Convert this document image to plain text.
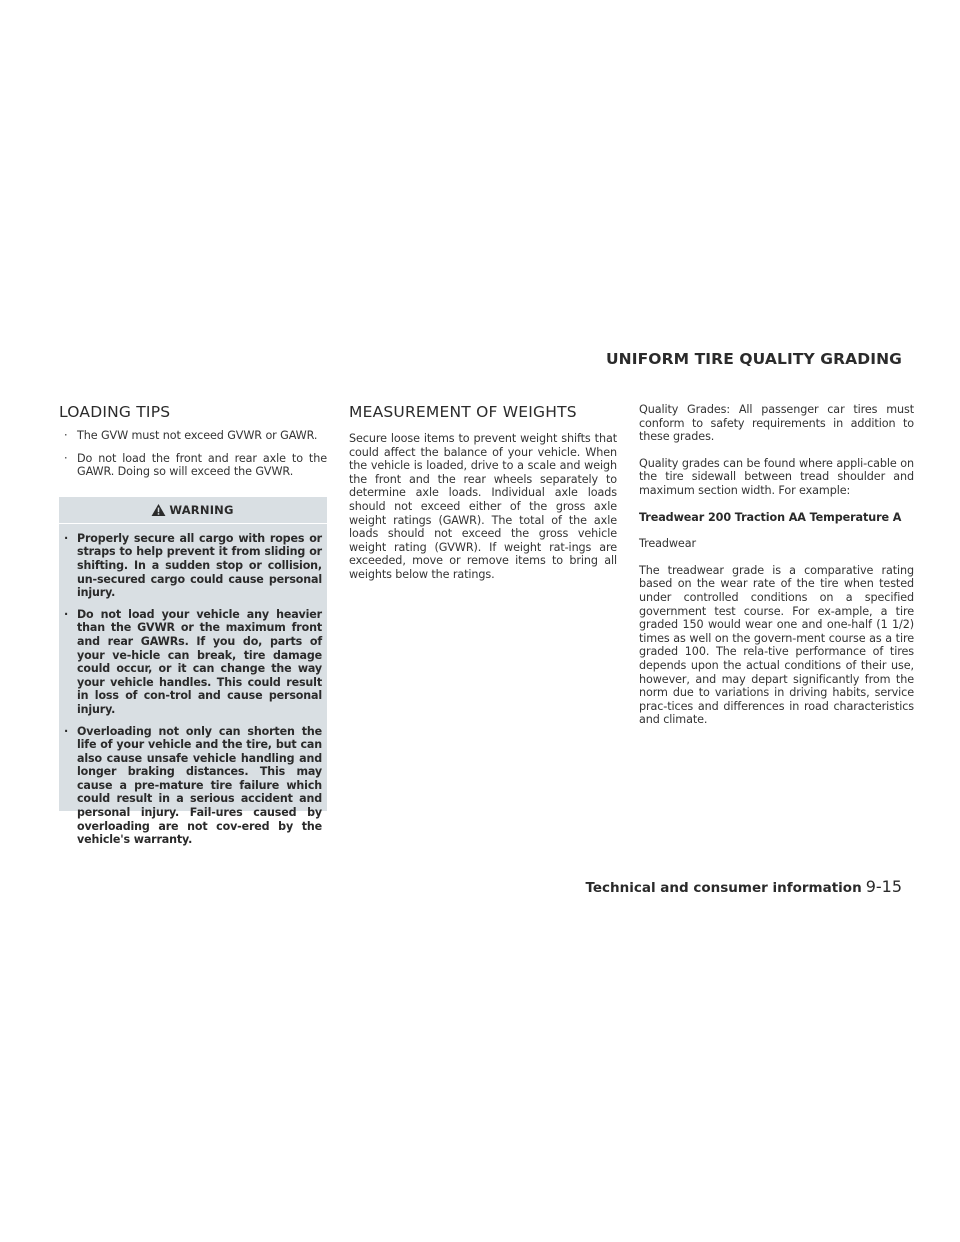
UNIFORM TIRE QUALITY GRADING
LOADING TIPS
· The GVW must not exceed GVWR or GAWR.
· Do not load the front and rear axle to the GAWR. Doing so will exceed the GVWR.
WARNING
· Properly secure all cargo with ropes or straps to help prevent it from sliding or shifting. In a sudden stop or collision, un-secured cargo could cause personal injury.
· Do not load your vehicle any heavier than the GVWR or the maximum front and rear GAWRs. If you do, parts of your ve-hicle can break, tire damage could occur, or it can change the way your vehicle handles. This could result in loss of con-trol and cause personal injury.
· Overloading not only can shorten the life of your vehicle and the tire, but can also cause unsafe vehicle handling and longer braking distances. This may cause a pre-mature tire failure which could result in a serious accident and personal injury. Fail-ures caused by overloading are not cov-ered by the vehicle's warranty.
MEASUREMENT OF WEIGHTS

Secure loose items to prevent weight shifts that could affect the balance of your vehicle. When the vehicle is loaded, drive to a scale and weigh the front and the rear wheels separately to determine axle loads. Individual axle loads should not exceed either of the gross axle weight ratings (GAWR). The total of the axle loads should not exceed the gross vehicle weight rating (GVWR). If weight rat-ings are exceeded, move or remove items to bring all weights below the ratings.

Quality Grades: All passenger car tires must conform to safety requirements in addition to these grades.

Quality grades can be found where appli-cable on the tire sidewall between tread shoulder and maximum section width. For example:

Treadwear 200 Traction AA Temperature A

Treadwear

The treadwear grade is a comparative rating based on the wear rate of the tire when tested under controlled conditions on a specified government test course. For ex-ample, a tire graded 150 would wear one and one-half (1 1/2) times as well on the govern-ment course as a tire graded 100. The rela-tive performance of tires depends upon the actual conditions of their use, however, and may depart significantly from the norm due to variations in driving habits, service prac-tices and differences in road characteristics and climate.

Technical and consumer information 9-15
